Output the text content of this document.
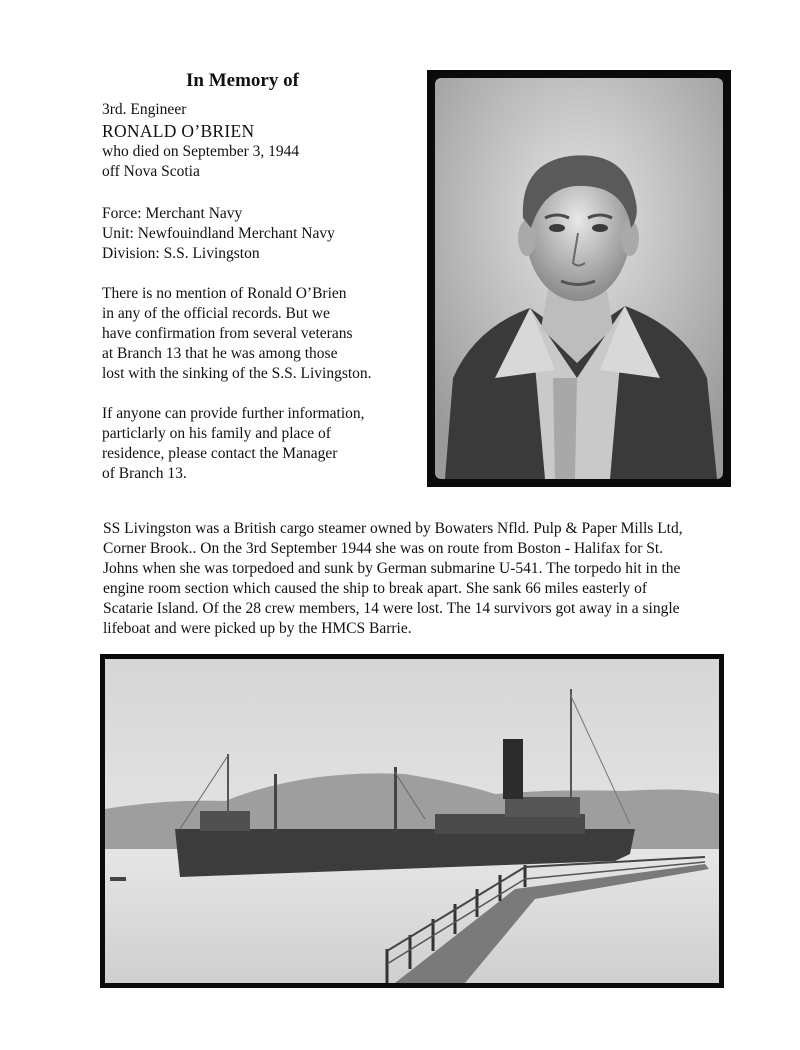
In Memory of
3rd. Engineer
RONALD O’BRIEN
who died on September 3, 1944
off Nova Scotia
Force: Merchant Navy
Unit: Newfouindland Merchant Navy
Division: S.S. Livingston
There is no mention of Ronald O’Brien
in any of the official records. But we
have confirmation from several veterans
at Branch 13 that he was among those
lost with the sinking of the S.S. Livingston.
If anyone can provide further information,
particlarly on his family and place of
residence, please contact the Manager
of Branch 13.
SS Livingston was a British cargo steamer owned by Bowaters Nfld. Pulp & Paper Mills Ltd,
Corner Brook.. On the 3rd September 1944 she was on route from Boston - Halifax for St.
Johns when she was torpedoed and sunk by German submarine U-541. The torpedo hit in the
engine room section which caused the ship to break apart. She sank 66 miles easterly of
Scatarie Island. Of the 28 crew members, 14 were lost. The 14 survivors got away in a single
lifeboat and were picked up by the HMCS Barrie.
